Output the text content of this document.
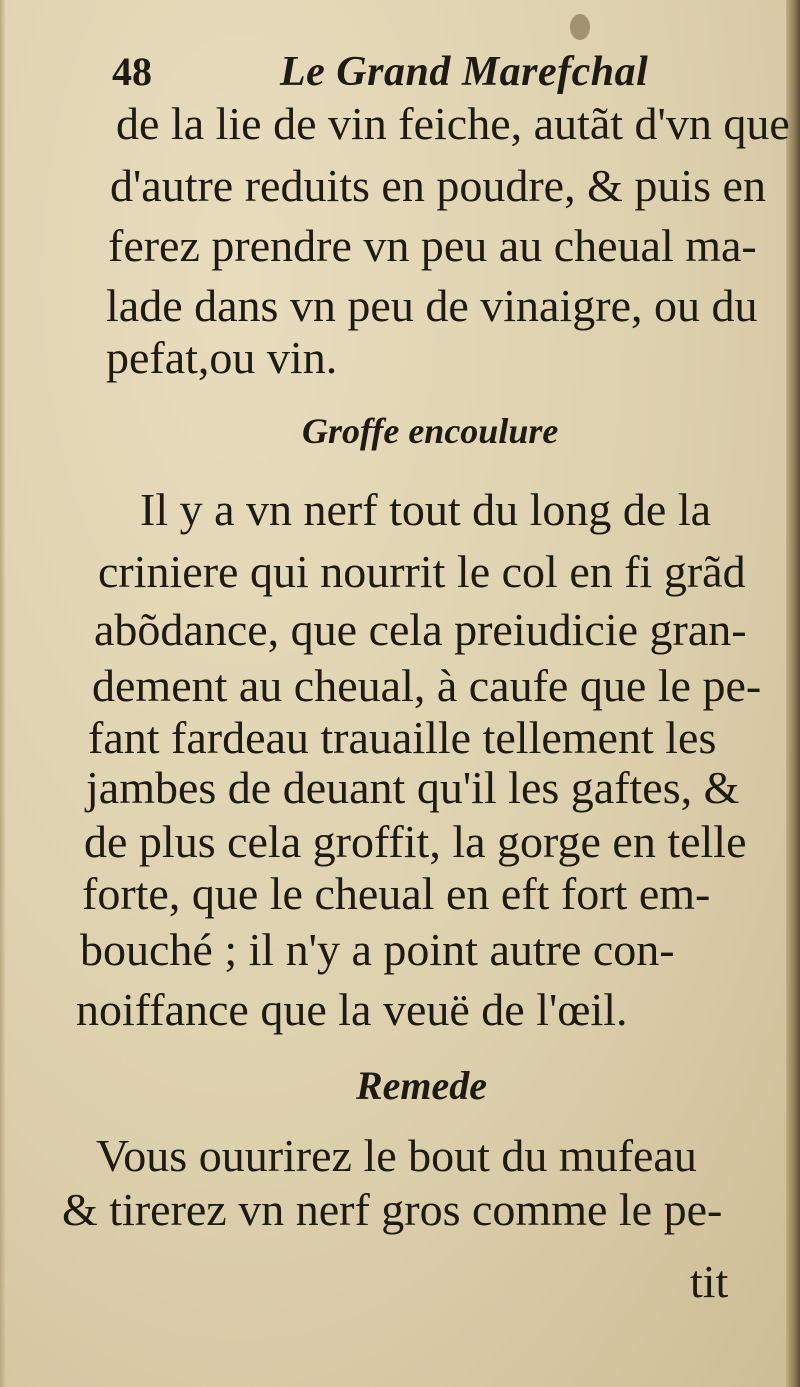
48	Le Grand Marefchal
de la lie de vin feiche, autãt d'vn que
d'autre reduits en poudre, & puis en
ferez prendre vn peu au cheual ma-
lade dans vn peu de vinaigre, ou du
pefat,ou vin.
Groffe encoulure
Il y a vn nerf tout du long de la
criniere qui nourrit le col en fi grãd
abõdance, que cela preiudicie gran-
dement au cheual, à caufe que le pe-
fant fardeau trauaille tellement les
jambes de deuant qu'il les gaftes, &
de plus cela groffit, la gorge en telle
forte, que le cheual en eft fort em-
bouché ; il n'y a point autre con-
noiffance que la veuë de l'œil.
Remede
Vous ouurirez le bout du mufeau
& tirerez vn nerf gros comme le pe-
tit
